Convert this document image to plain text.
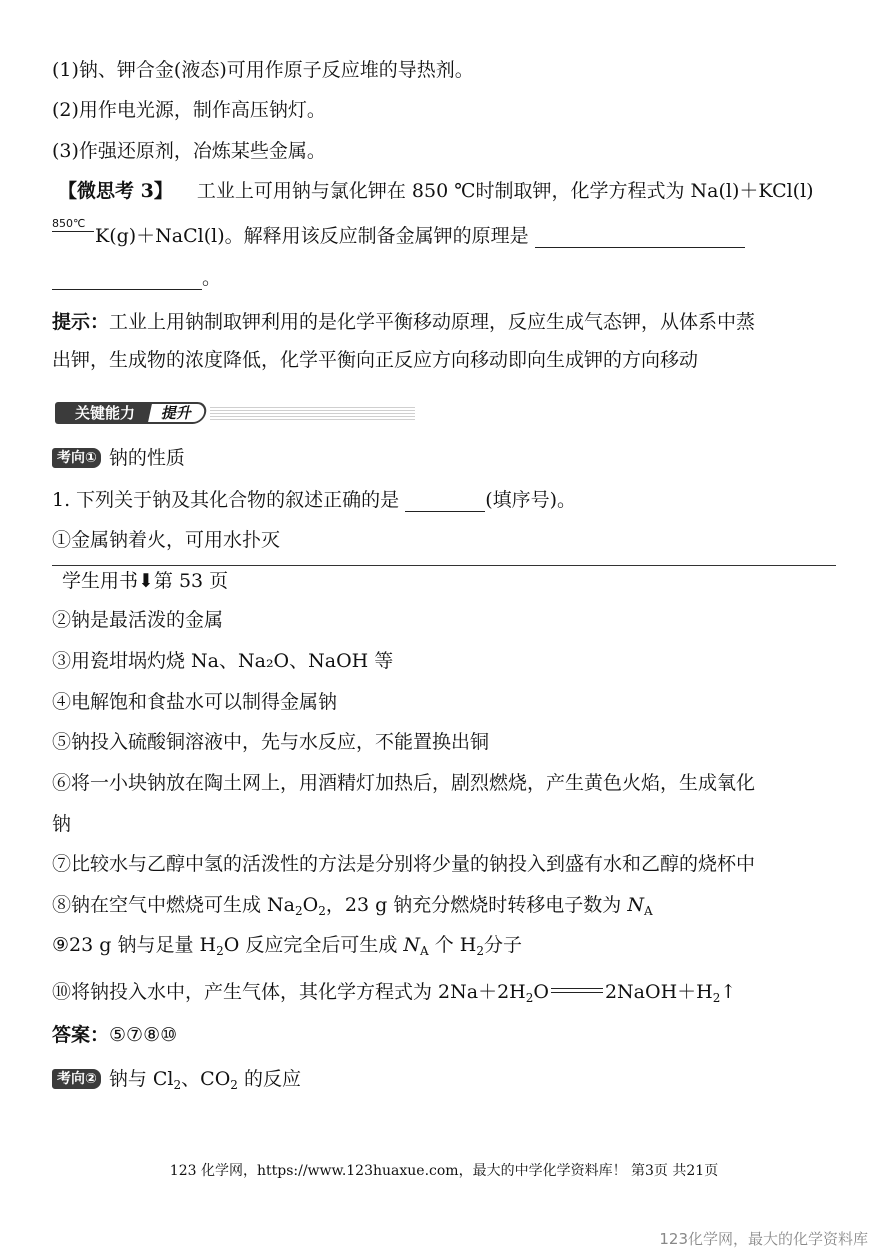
(1)钠、钾合金(液态)可用作原子反应堆的导热剂。
(2)用作电光源，制作高压钠灯。
(3)作强还原剂，冶炼某些金属。
【微思考 3】 工业上可用钠与氯化钾在 850 ℃时制取钾，化学方程式为 Na(l)＋KCl(l)
850℃
K(g)＋NaCl(l)。解释用该反应制备金属钾的原理是
。
提示：工业上用钠制取钾利用的是化学平衡移动原理，反应生成气态钾，从体系中蒸
出钾，生成物的浓度降低，化学平衡向正反应方向移动即向生成钾的方向移动
关键能力	提升
考向① 钠的性质
1. 下列关于钠及其化合物的叙述正确的是	(填序号)。
①金属钠着火，可用水扑灭
学生用书⬇第 53 页
②钠是最活泼的金属
③用瓷坩埚灼烧 Na、Na₂O、NaOH 等
④电解饱和食盐水可以制得金属钠
⑤钠投入硫酸铜溶液中，先与水反应，不能置换出铜
⑥将一小块钠放在陶土网上，用酒精灯加热后，剧烈燃烧，产生黄色火焰，生成氧化
钠
⑦比较水与乙醇中氢的活泼性的方法是分别将少量的钠投入到盛有水和乙醇的烧杯中
⑧钠在空气中燃烧可生成 $Na_2O_2$，23 g 钠充分燃烧时转移电子数为 $N_A$
⑨23 g 钠与足量 $H_2O$ 反应完全后可生成 $N_A$ 个 $H_2$分子
⑩将钠投入水中，产生气体，其化学方程式为 $2Na+2H_2O$	$2NaOH+H_2↑$
答案：⑤⑦⑧⑩
考向② 钠与 $Cl_2$、$CO_2$ 的反应
123 化学网，https://www.123huaxue.com，最大的中学化学资料库！ 第3页 共21页
123化学网，最大的化学资料库
